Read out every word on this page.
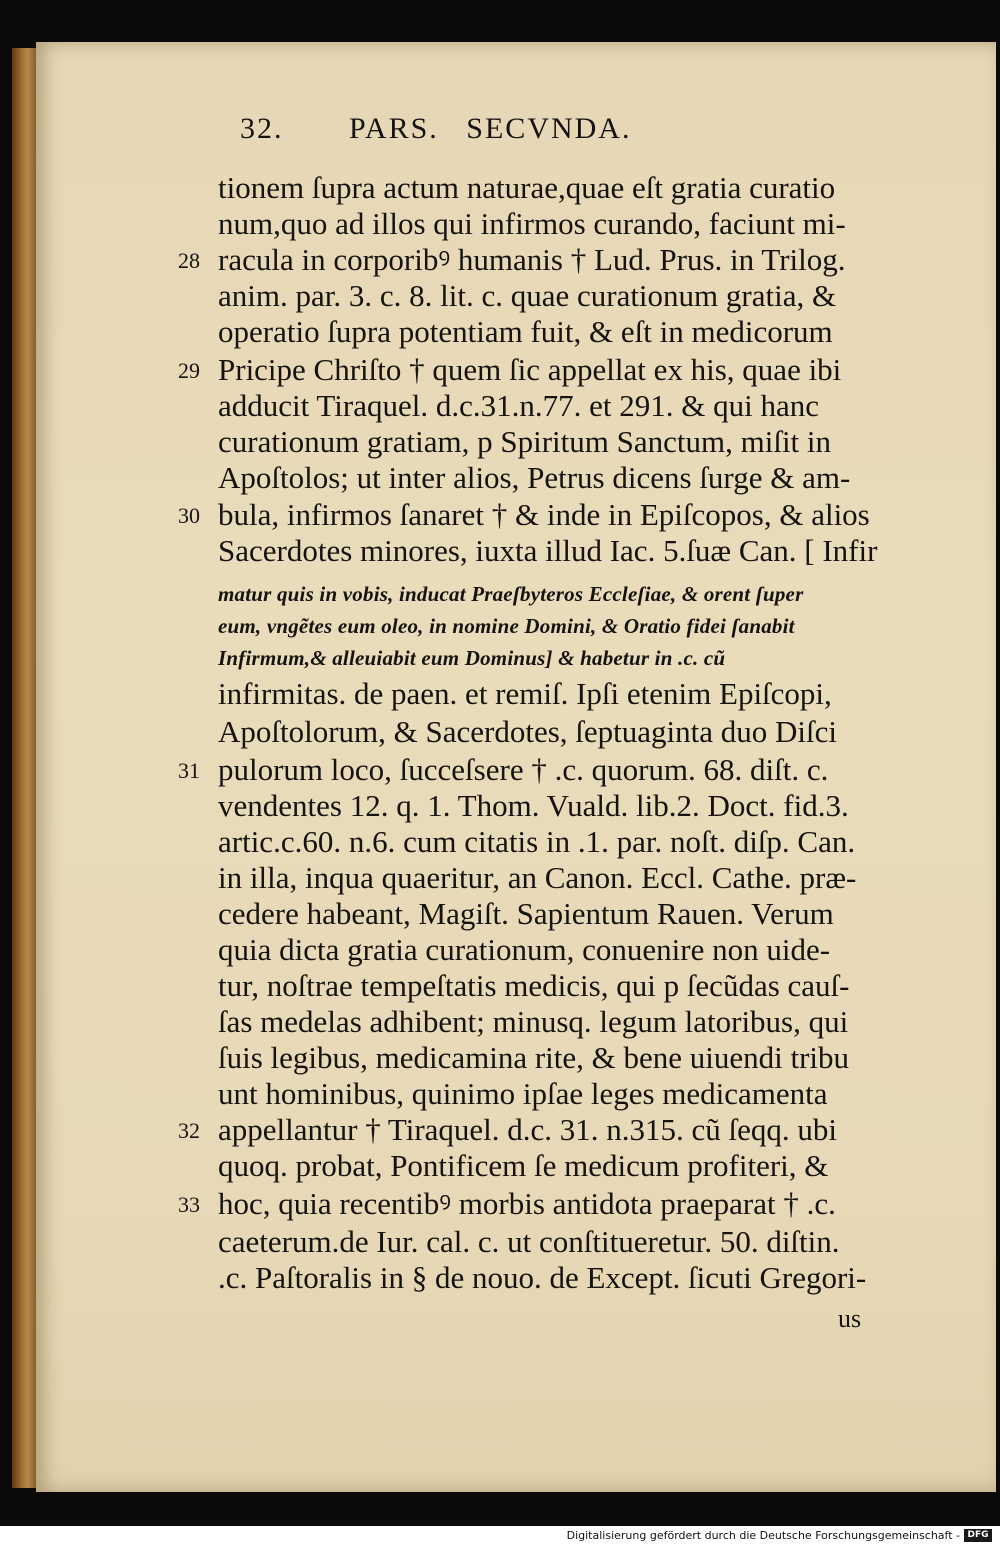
32. PARS. SECVNDA.
tionem ſupra actum naturae,quae eſt gratia curatio
num,quo ad illos qui infirmos curando, faciunt mi-
racula in corporibꝰ humanis † Lud. Prus. in Trilog.
anim. par. 3. c. 8. lit. c. quae curationum gratia, &
operatio ſupra potentiam fuit, & eſt in medicorum
Pricipe Chriſto † quem ſic appellat ex his, quae ibi
adducit Tiraquel. d.c.31.n.77. et 291. & qui hanc
curationum gratiam, p Spiritum Sanctum, miſit in
Apoſtolos; ut inter alios, Petrus dicens ſurge & am-
bula, infirmos ſanaret † & inde in Epiſcopos, & alios
Sacerdotes minores, iuxta illud Iac. 5.ſuæ Can. [ Infir
matur quis in vobis, inducat Praeſbyteros Eccleſiae, & orent ſuper
eum, vngẽtes eum oleo, in nomine Domini, & Oratio fidei ſanabit
Infirmum,& alleuiabit eum Dominus] & habetur in .c. cũ
infirmitas. de paen. et remiſ. Ipſi etenim Epiſcopi,
Apoſtolorum, & Sacerdotes, ſeptuaginta duo Diſci
pulorum loco, ſucceſsere † .c. quorum. 68. diſt. c.
vendentes 12. q. 1. Thom. Vuald. lib.2. Doct. fid.3.
artic.c.60. n.6. cum citatis in .1. par. noſt. diſp. Can.
in illa, inqua quaeritur, an Canon. Eccl. Cathe. præ-
cedere habeant, Magiſt. Sapientum Rauen. Verum
quia dicta gratia curationum, conuenire non uide-
tur, noſtrae tempeſtatis medicis, qui p ſecũdas cauſ-
ſas medelas adhibent; minusq. legum latoribus, qui
ſuis legibus, medicamina rite, & bene uiuendi tribu
unt hominibus, quinimo ipſae leges medicamenta
appellantur † Tiraquel. d.c. 31. n.315. cũ ſeqq. ubi
quoq. probat, Pontificem ſe medicum profiteri, &
hoc, quia recentibꝰ morbis antidota praeparat † .c.
caeterum.de Iur. cal. c. ut conſtitueretur. 50. diſtin.
.c. Paſtoralis in § de nouo. de Except. ſicuti Gregori-
28
29
30
31
32
33
us
Digitalisierung gefördert durch die Deutsche Forschungsgemeinschaft - DFG
